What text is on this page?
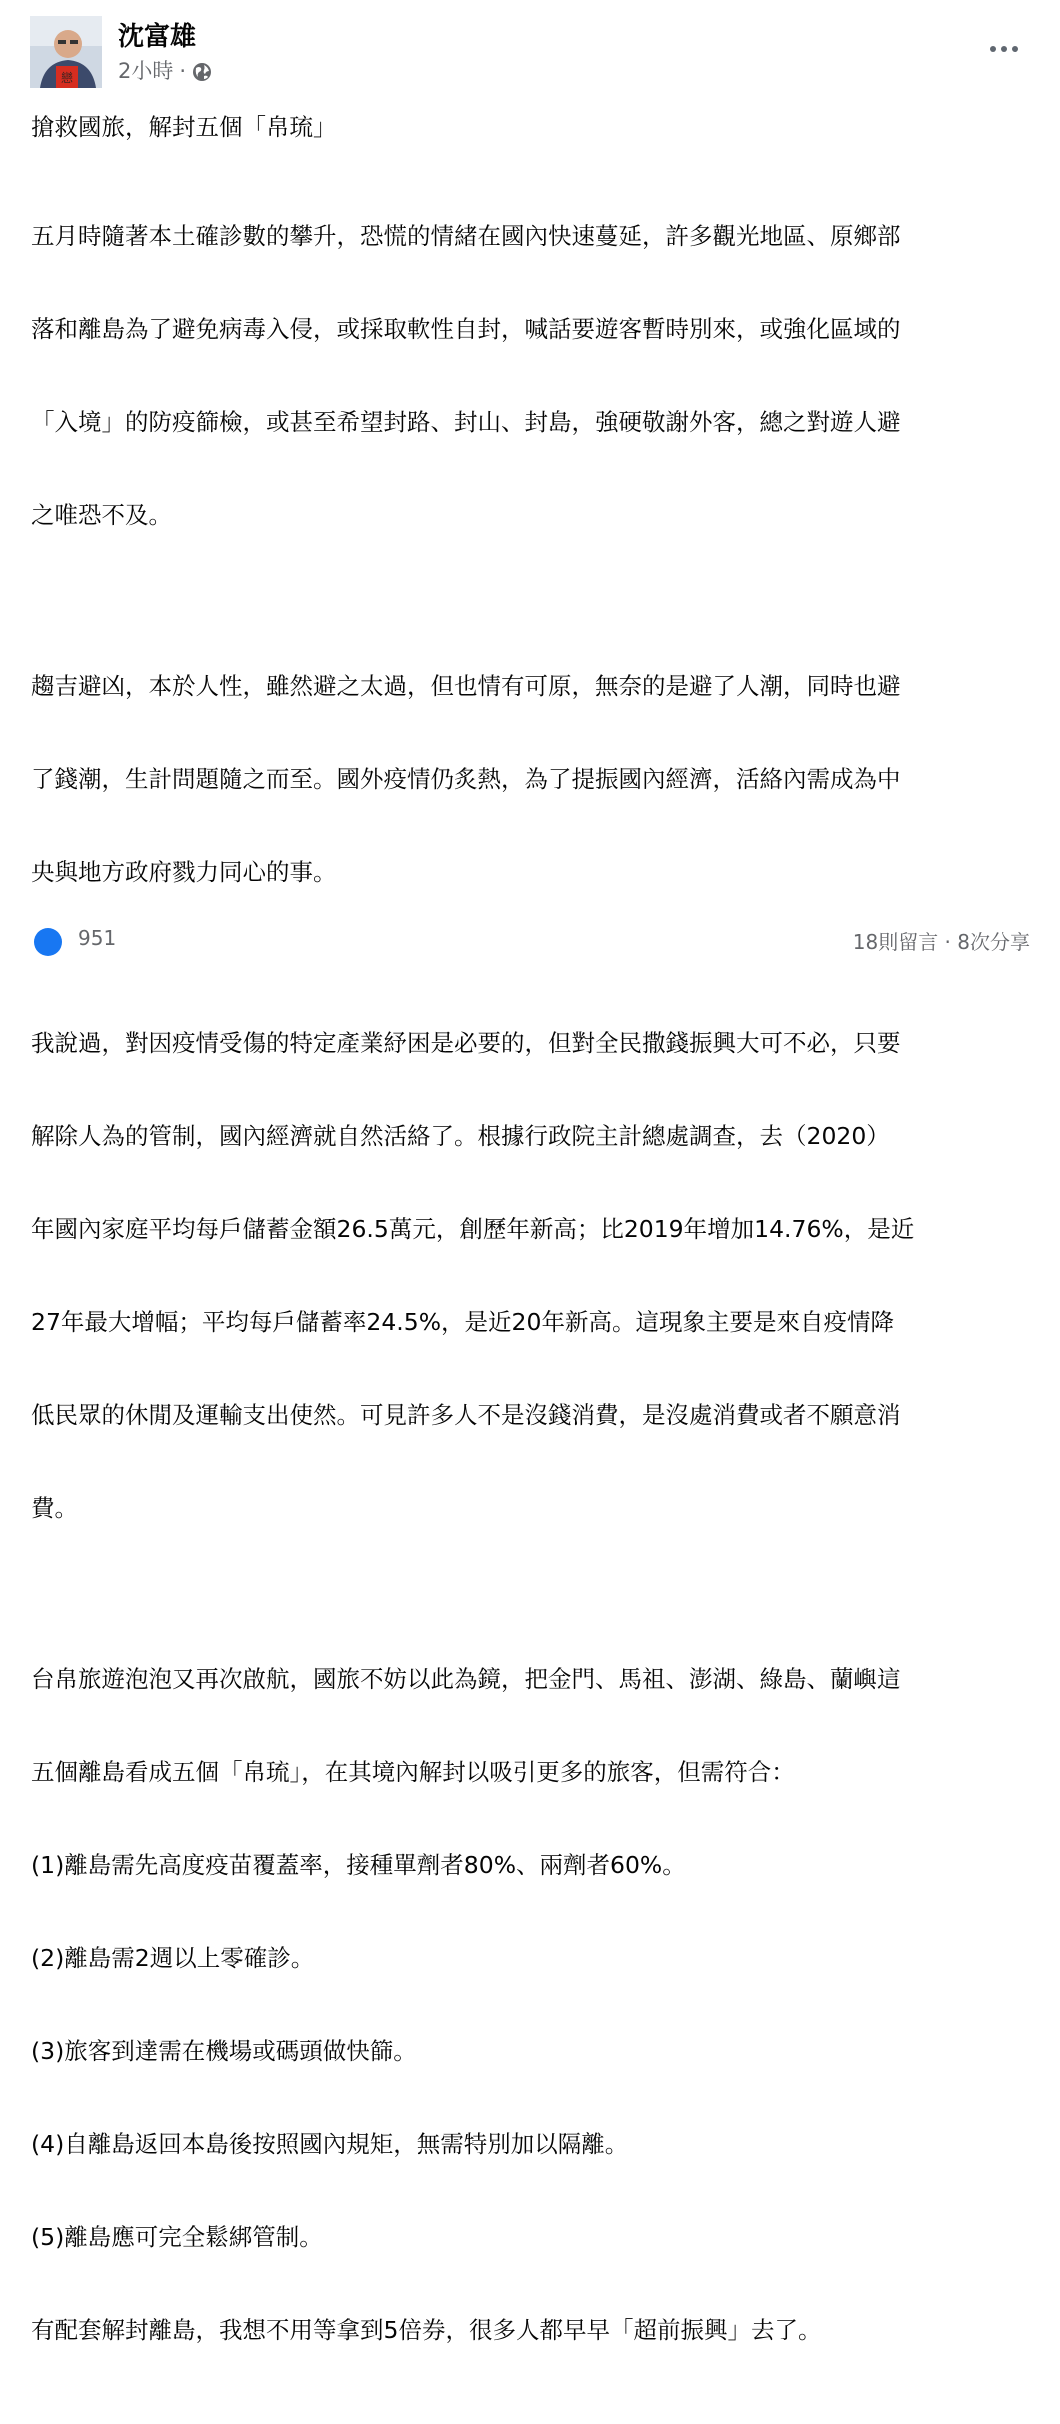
戀
沈富雄
2小時 ·

搶救國旅，解封五個「帛琉」

五月時隨著本土確診數的攀升，恐慌的情緒在國內快速蔓延，許多觀光地區、原鄉部

落和離島為了避免病毒入侵，或採取軟性自封，喊話要遊客暫時別來，或強化區域的

「入境」的防疫篩檢，或甚至希望封路、封山、封島，強硬敬謝外客，總之對遊人避

之唯恐不及。

趨吉避凶，本於人性，雖然避之太過，但也情有可原，無奈的是避了人潮，同時也避

了錢潮，生計問題隨之而至。國外疫情仍炙熱，為了提振國內經濟，活絡內需成為中

央與地方政府戮力同心的事。

我說過，對因疫情受傷的特定產業紓困是必要的，但對全民撒錢振興大可不必，只要

解除人為的管制，國內經濟就自然活絡了。根據行政院主計總處調查，去（2020）

年國內家庭平均每戶儲蓄金額26.5萬元，創歷年新高；比2019年增加14.76%，是近

27年最大增幅；平均每戶儲蓄率24.5%，是近20年新高。這現象主要是來自疫情降

低民眾的休閒及運輸支出使然。可見許多人不是沒錢消費，是沒處消費或者不願意消

費。

台帛旅遊泡泡又再次啟航，國旅不妨以此為鏡，把金門、馬祖、澎湖、綠島、蘭嶼這

五個離島看成五個「帛琉」，在其境內解封以吸引更多的旅客，但需符合：

(1)離島需先高度疫苗覆蓋率，接種單劑者80%、兩劑者60%。

(2)離島需2週以上零確診。

(3)旅客到達需在機場或碼頭做快篩。

(4)自離島返回本島後按照國內規矩，無需特別加以隔離。

(5)離島應可完全鬆綁管制。

有配套解封離島，我想不用等拿到5倍券，很多人都早早「超前振興」去了。

951	18則留言 · 8次分享
